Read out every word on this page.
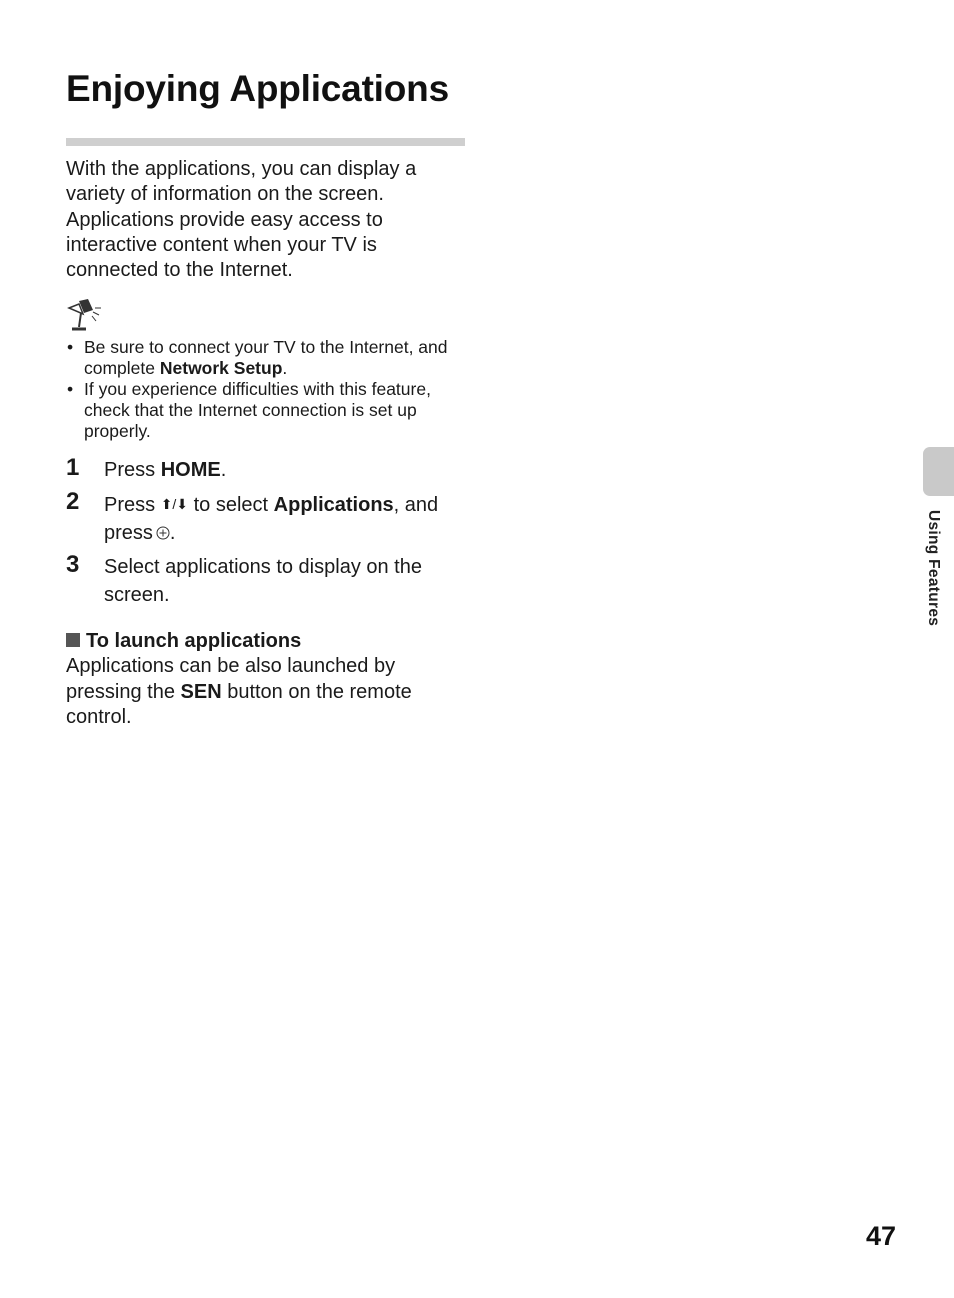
Enjoying Applications

With the applications, you can display a variety of information on the screen. Applications provide easy access to interactive content when your TV is connected to the Internet.

• Be sure to connect your TV to the Internet, and complete Network Setup.
• If you experience difficulties with this feature, check that the Internet connection is set up properly.
1 Press HOME.
2 Press ⬆/⬇ to select Applications, and press .
3 Select applications to display on the screen.

To launch applications

Applications can be also launched by pressing the SEN button on the remote control.

Using Features
47
